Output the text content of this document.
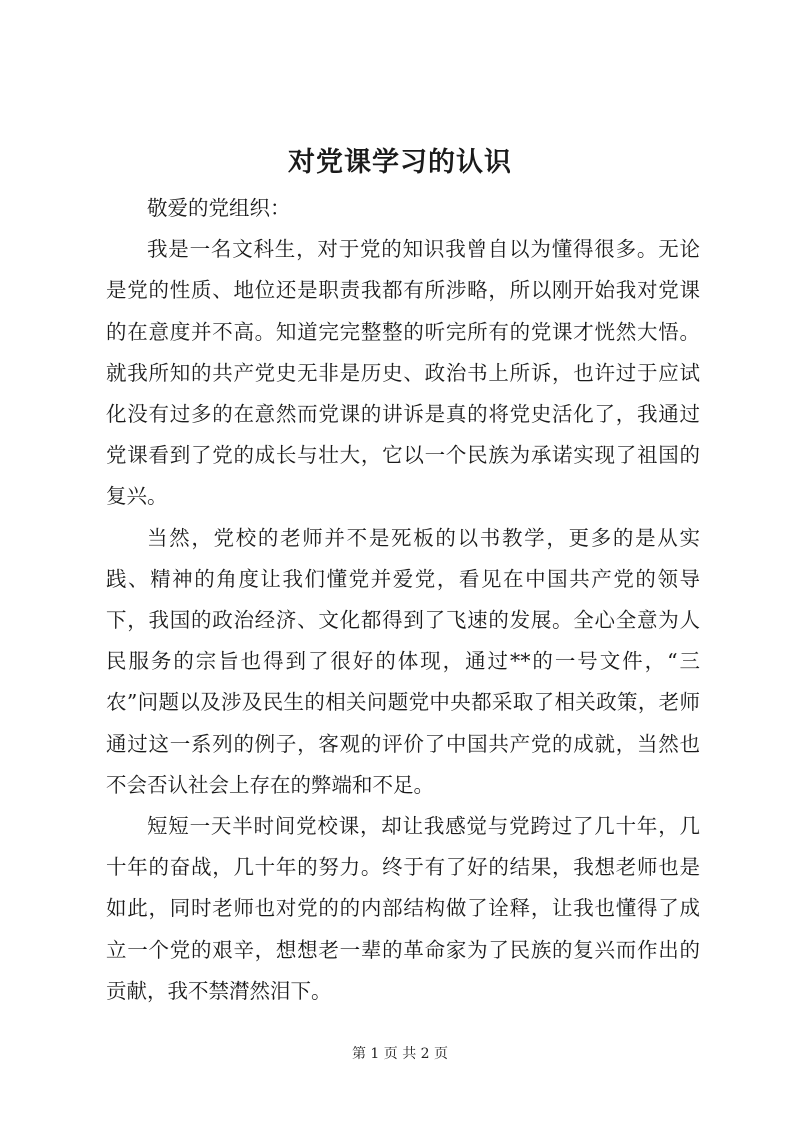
对党课学习的认识

敬爱的党组织：

我是一名文科生，对于党的知识我曾自以为懂得很多。无论是党的性质、地位还是职责我都有所涉略，所以刚开始我对党课的在意度并不高。知道完完整整的听完所有的党课才恍然大悟。就我所知的共产党史无非是历史、政治书上所诉，也许过于应试化没有过多的在意然而党课的讲诉是真的将党史活化了，我通过党课看到了党的成长与壮大，它以一个民族为承诺实现了祖国的复兴。

当然，党校的老师并不是死板的以书教学，更多的是从实践、精神的角度让我们懂党并爱党，看见在中国共产党的领导下，我国的政治经济、文化都得到了飞速的发展。全心全意为人民服务的宗旨也得到了很好的体现，通过**的一号文件，“三农”问题以及涉及民生的相关问题党中央都采取了相关政策，老师通过这一系列的例子，客观的评价了中国共产党的成就，当然也不会否认社会上存在的弊端和不足。

短短一天半时间党校课，却让我感觉与党跨过了几十年，几十年的奋战，几十年的努力。终于有了好的结果，我想老师也是如此，同时老师也对党的的内部结构做了诠释，让我也懂得了成立一个党的艰辛，想想老一辈的革命家为了民族的复兴而作出的贡献，我不禁潸然泪下。

第 1 页 共 2 页
